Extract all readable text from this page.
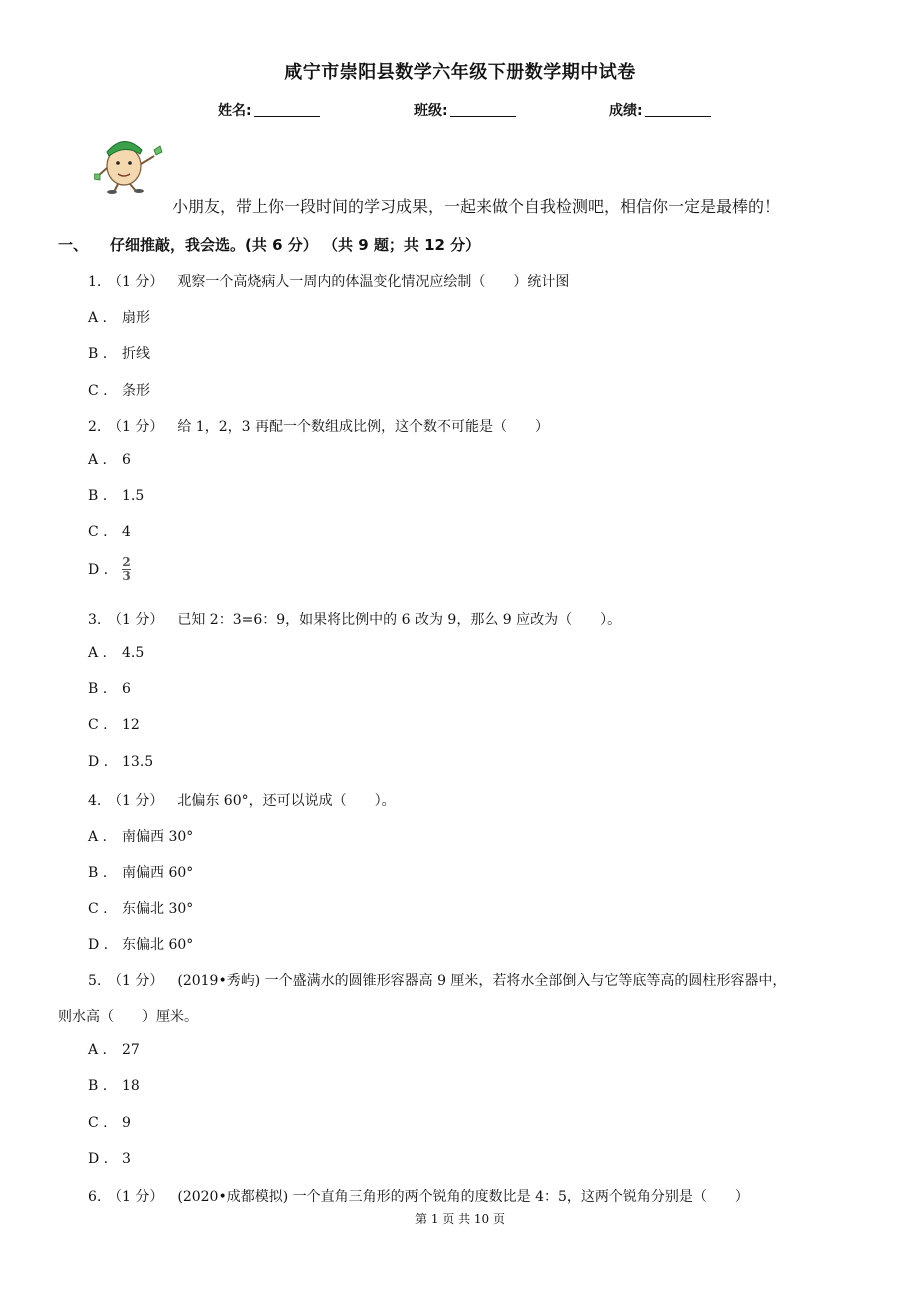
咸宁市崇阳县数学六年级下册数学期中试卷
姓名:	班级:	成绩:
小朋友，带上你一段时间的学习成果，一起来做个自我检测吧，相信你一定是最棒的！
一、 仔细推敲，我会选。(共 6 分） （共 9 题；共 12 分）
1. （1 分） 观察一个高烧病人一周内的体温变化情况应绘制（　　）统计图
A . 扇形
B . 折线
C . 条形
2. （1 分） 给 1，2，3 再配一个数组成比例，这个数不可能是（　　）
A . 6
B . 1.5
C . 4
D . $\frac{2}{3}$
3. （1 分） 已知 2：3=6：9，如果将比例中的 6 改为 9，那么 9 应改为（　　）。
A . 4.5
B . 6
C . 12
D . 13.5
4. （1 分） 北偏东 60°，还可以说成（　　）。
A . 南偏西 30°
B . 南偏西 60°
C . 东偏北 30°
D . 东偏北 60°
5. （1 分） (2019•秀屿) 一个盛满水的圆锥形容器高 9 厘米，若将水全部倒入与它等底等高的圆柱形容器中，
则水高（　　）厘米。
A . 27
B . 18
C . 9
D . 3
6. （1 分） (2020•成都模拟) 一个直角三角形的两个锐角的度数比是 4：5，这两个锐角分别是（　　）
第 1 页 共 10 页
